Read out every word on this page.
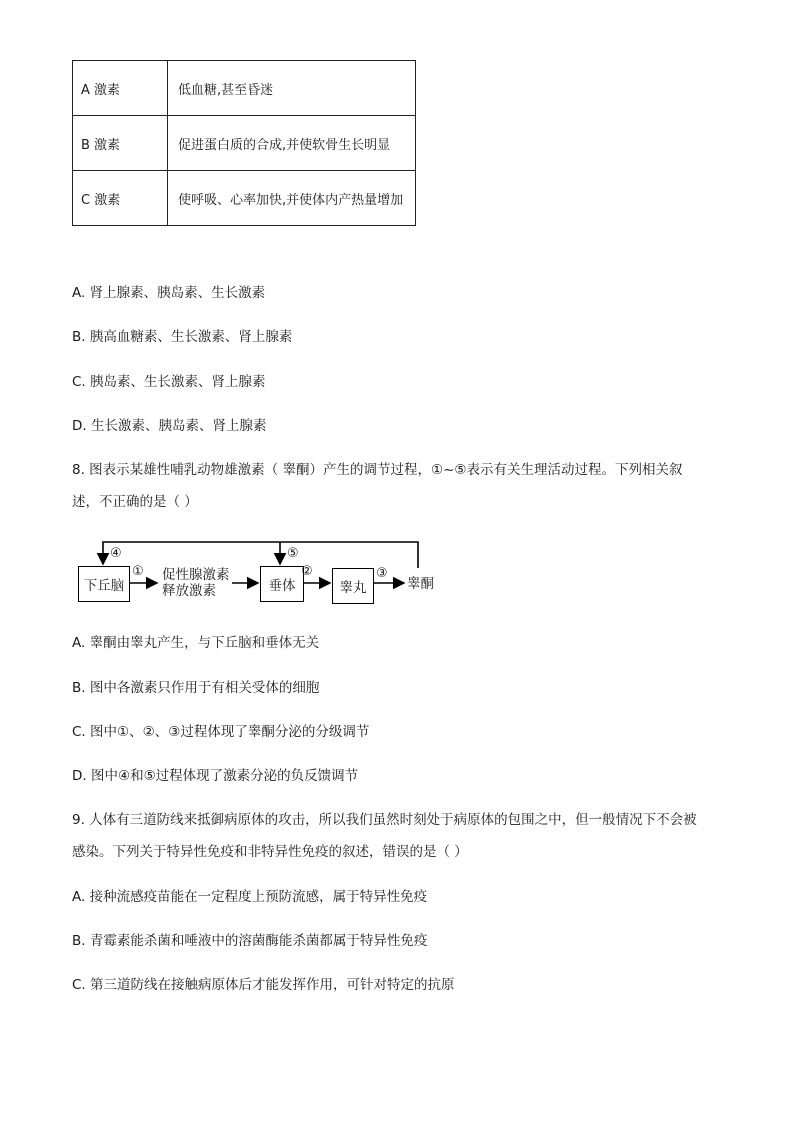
A 激素	低血糖,甚至昏迷
B 激素	促进蛋白质的合成,并使软骨生长明显
C 激素	使呼吸、心率加快,并使体内产热量增加
A. 肾上腺素、胰岛素、生长激素
B. 胰高血糖素、生长激素、肾上腺素
C. 胰岛素、生长激素、肾上腺素
D. 生长激素、胰岛素、肾上腺素
8. 图表示某雄性哺乳动物雄激素（ 睾酮）产生的调节过程，①~⑤表示有关生理活动过程。下列相关叙
述，不正确的是（ ）
④	⑤
下丘脑
① 促性腺激素
释放激素	垂体
②
睾丸
③
睾酮
A. 睾酮由睾丸产生，与下丘脑和垂体无关
B. 图中各激素只作用于有相关受体的细胞
C. 图中①、②、③过程体现了睾酮分泌的分级调节
D. 图中④和⑤过程体现了激素分泌的负反馈调节
9. 人体有三道防线来抵御病原体的攻击，所以我们虽然时刻处于病原体的包围之中，但一般情况下不会被
感染。下列关于特异性免疫和非特异性免疫的叙述，错误的是（ ）
A. 接种流感疫苗能在一定程度上预防流感，属于特异性免疫
B. 青霉素能杀菌和唾液中的溶菌酶能杀菌都属于特异性免疫
C. 第三道防线在接触病原体后才能发挥作用，可针对特定的抗原
